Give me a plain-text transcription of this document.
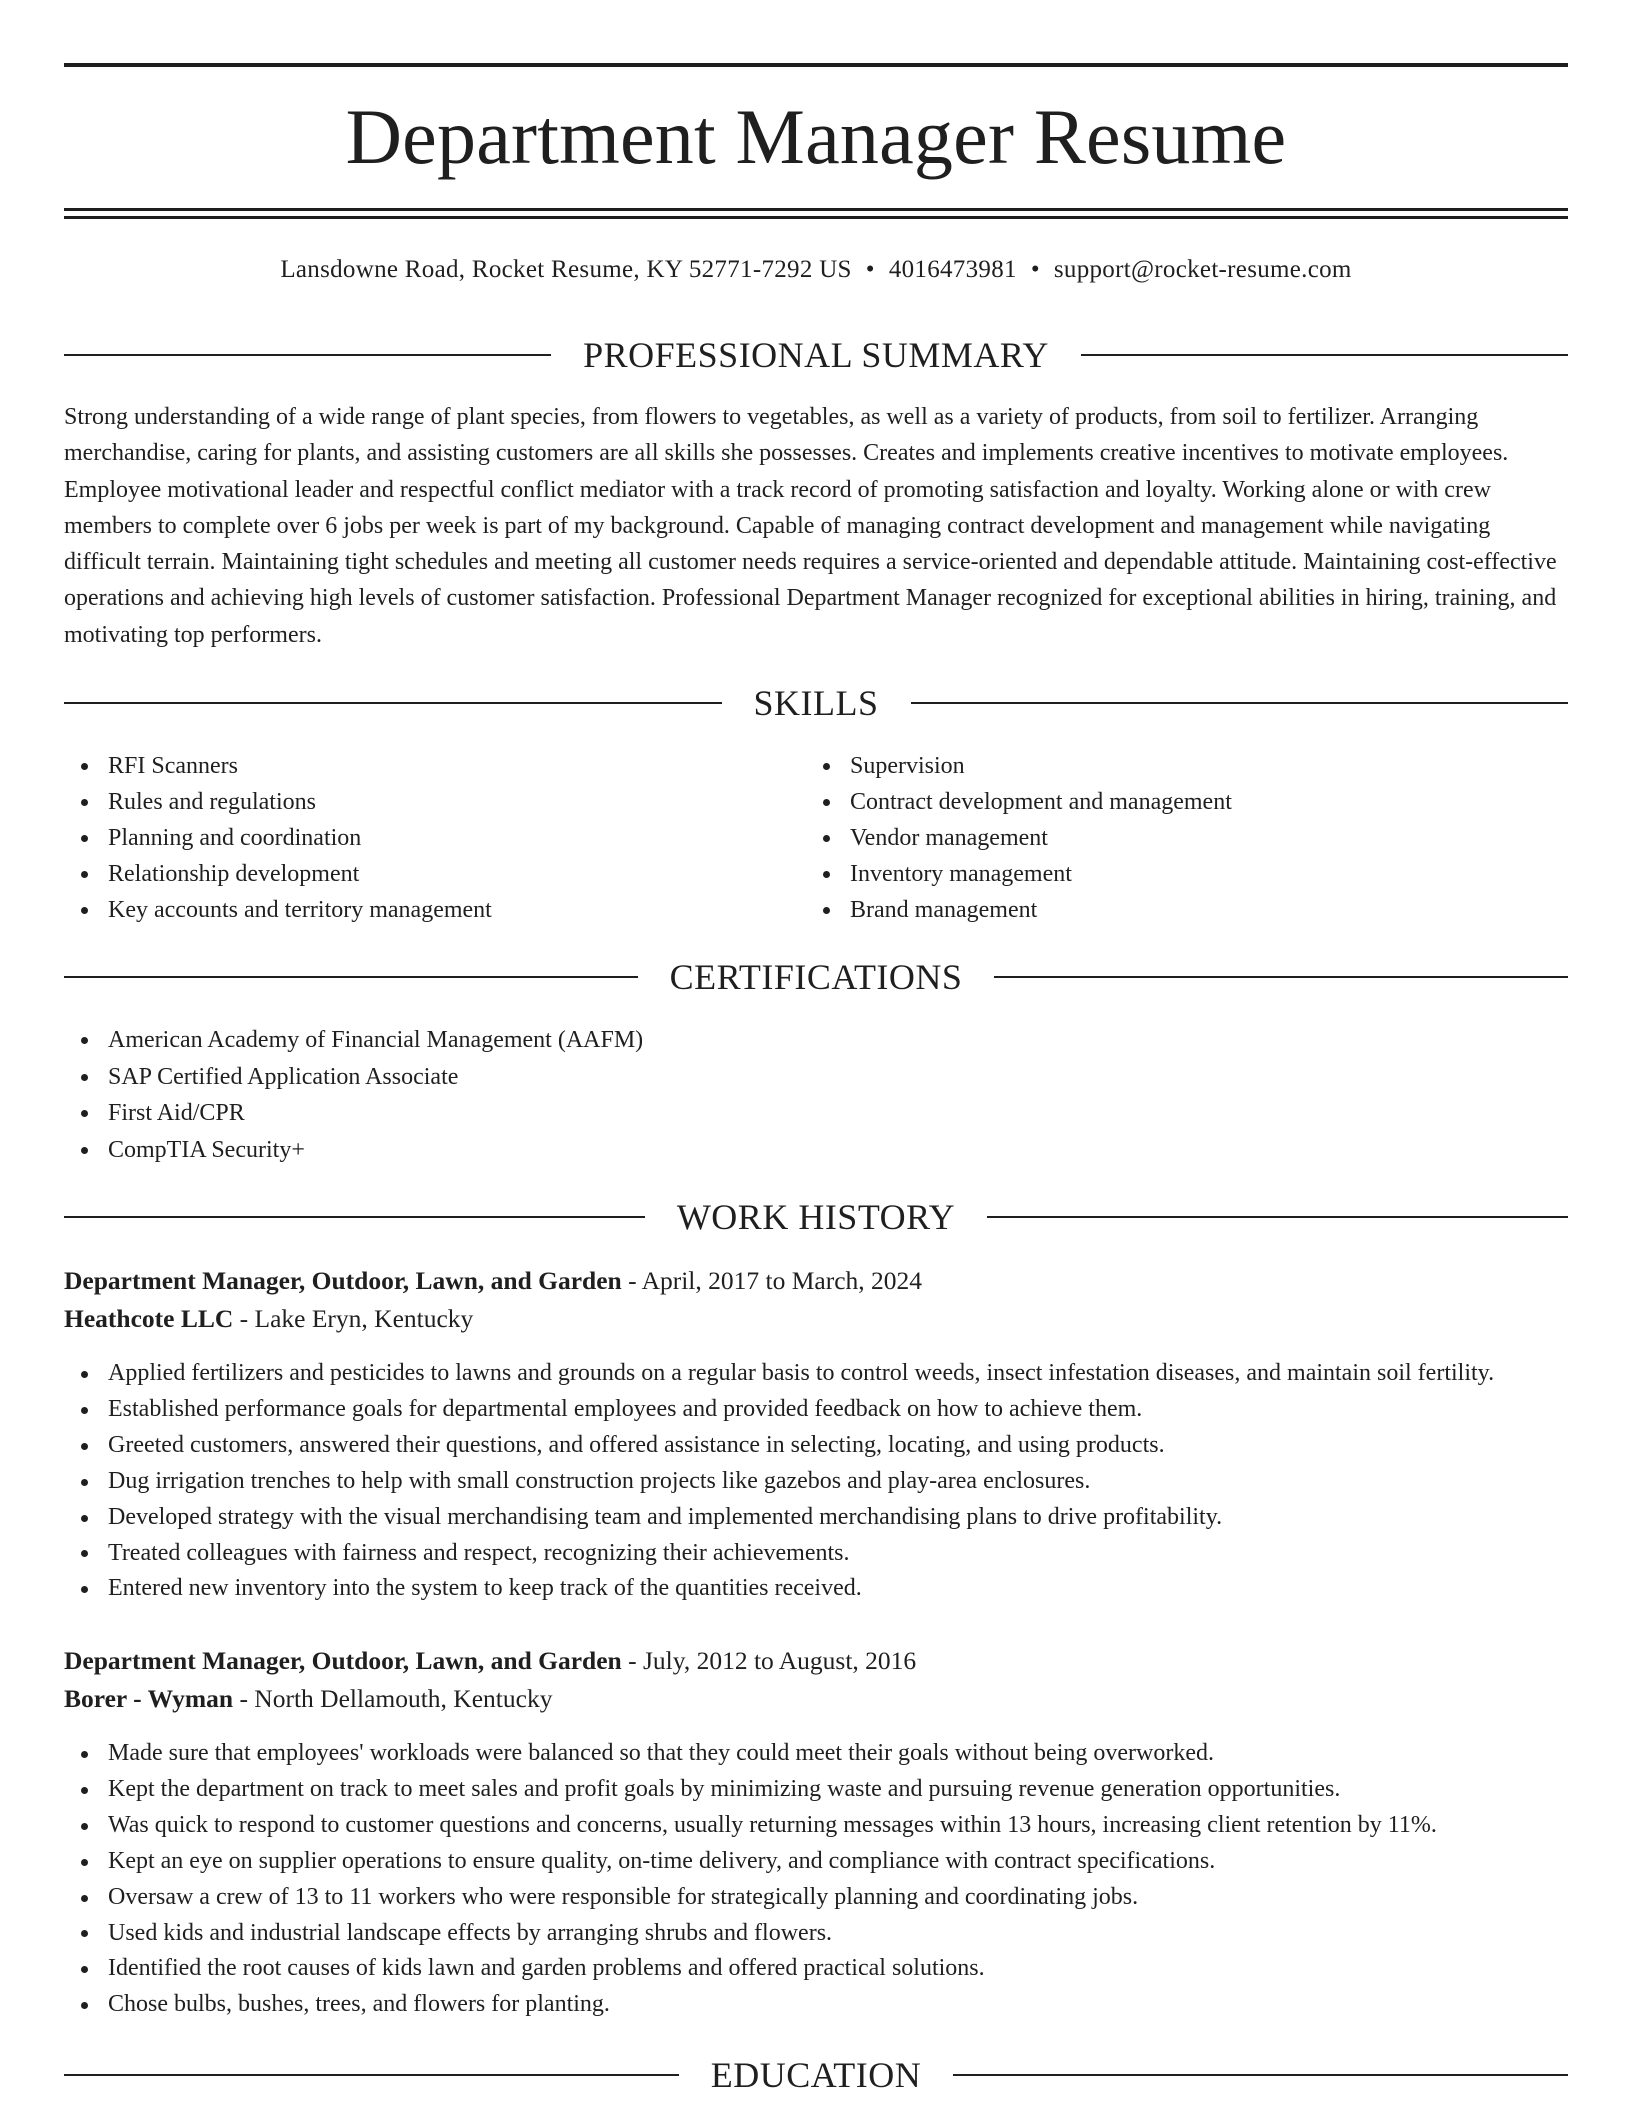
Department Manager Resume
Lansdowne Road, Rocket Resume, KY 52771-7292 US • 4016473981 • support@rocket-resume.com
PROFESSIONAL SUMMARY

Strong understanding of a wide range of plant species, from flowers to vegetables, as well as a variety of products, from soil to fertilizer. Arranging merchandise, caring for plants, and assisting customers are all skills she possesses. Creates and implements creative incentives to motivate employees. Employee motivational leader and respectful conflict mediator with a track record of promoting satisfaction and loyalty. Working alone or with crew members to complete over 6 jobs per week is part of my background. Capable of managing contract development and management while navigating difficult terrain. Maintaining tight schedules and meeting all customer needs requires a service-oriented and dependable attitude. Maintaining cost-effective operations and achieving high levels of customer satisfaction. Professional Department Manager recognized for exceptional abilities in hiring, training, and motivating top performers.

SKILLS
RFI Scanners
Rules and regulations
Planning and coordination
Relationship development
Key accounts and territory management
Supervision
Contract development and management
Vendor management
Inventory management
Brand management
CERTIFICATIONS
American Academy of Financial Management (AAFM)
SAP Certified Application Associate
First Aid/CPR
CompTIA Security+
WORK HISTORY
Department Manager, Outdoor, Lawn, and Garden - April, 2017 to March, 2024
Heathcote LLC - Lake Eryn, Kentucky
Applied fertilizers and pesticides to lawns and grounds on a regular basis to control weeds, insect infestation diseases, and maintain soil fertility.
Established performance goals for departmental employees and provided feedback on how to achieve them.
Greeted customers, answered their questions, and offered assistance in selecting, locating, and using products.
Dug irrigation trenches to help with small construction projects like gazebos and play-area enclosures.
Developed strategy with the visual merchandising team and implemented merchandising plans to drive profitability.
Treated colleagues with fairness and respect, recognizing their achievements.
Entered new inventory into the system to keep track of the quantities received.
Department Manager, Outdoor, Lawn, and Garden - July, 2012 to August, 2016
Borer - Wyman - North Dellamouth, Kentucky
Made sure that employees' workloads were balanced so that they could meet their goals without being overworked.
Kept the department on track to meet sales and profit goals by minimizing waste and pursuing revenue generation opportunities.
Was quick to respond to customer questions and concerns, usually returning messages within 13 hours, increasing client retention by 11%.
Kept an eye on supplier operations to ensure quality, on-time delivery, and compliance with contract specifications.
Oversaw a crew of 13 to 11 workers who were responsible for strategically planning and coordinating jobs.
Used kids and industrial landscape effects by arranging shrubs and flowers.
Identified the root causes of kids lawn and garden problems and offered practical solutions.
Chose bulbs, bushes, trees, and flowers for planting.
EDUCATION
